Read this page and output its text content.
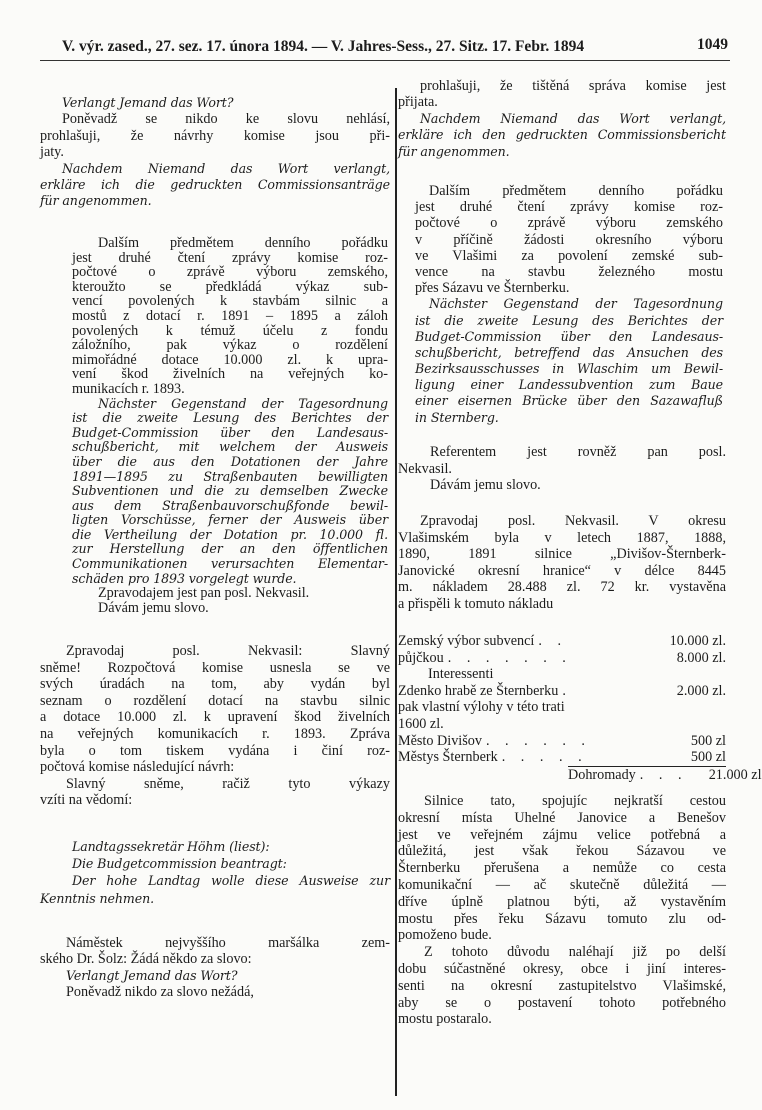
V. výr. zased., 27. sez. 17. února 1894. — V. Jahres-Sess., 27. Sitz. 17. Febr. 1894	1049
Verlangt Jemand das Wort?
Poněvadž se nikdo ke slovu nehlásí,
prohlašuji, že návrhy komise jsou při-
jaty.
Nachdem Niemand das Wort verlangt,
erkläre ich die gedruckten Commissionsanträge
für angenommen.
Dalším předmětem denního pořádku
jest druhé čtení zprávy komise roz-
počtové o zprávě výboru zemského,
kteroužto se předkládá výkaz sub-
vencí povolených k stavbám silnic a
mostů z dotací r. 1891 – 1895 a záloh
povolených k témuž účelu z fondu
záložního, pak výkaz o rozdělení
mimořádné dotace 10.000 zl. k upra-
vení škod živelních na veřejných ko-
munikacích r. 1893.
Nächster Gegenstand der Tagesordnung
ist die zweite Lesung des Berichtes der
Budget-Commission über den Landesaus-
schußbericht, mit welchem der Ausweis
über die aus den Dotationen der Jahre
1891—1895 zu Straßenbauten bewilligten
Subventionen und die zu demselben Zwecke
aus dem Straßenbauvorschußfonde bewil-
ligten Vorschüsse, ferner der Ausweis über
die Vertheilung der Dotation pr. 10.000 fl.
zur Herstellung der an den öffentlichen
Communikationen verursachten Elementar-
schäden pro 1893 vorgelegt wurde.
Zpravodajem jest pan posl. Nekvasil.
Dávám jemu slovo.
Zpravodaj posl. Nekvasil: Slavný
sněme! Rozpočtová komise usnesla se ve
svých úradách na tom, aby vydán byl
seznam o rozdělení dotací na stavbu silnic
a dotace 10.000 zl. k upravení škod živelních
na veřejných komunikacích r. 1893. Zpráva
byla o tom tiskem vydána i činí roz-
počtová komise následující návrh:
Slavný sněme, račiž tyto výkazy
vzíti na vědomí:
Landtagssekretär Höhm (liest):
Die Budgetcommission beantragt:
Der hohe Landtag wolle diese Ausweise zur
Kenntnis nehmen.
Náměstek nejvyššího maršálka zem-
ského Dr. Šolz: Žádá někdo za slovo:
Verlangt Jemand das Wort?
Poněvadž nikdo za slovo nežádá,
Zemský výbor subvencí . .	10.000 zl.
půjčkou . . . . . . .	8.000 zl.
Interessenti
Zdenko hrabě ze Šternberku .	2.000 zl.
pak vlastní výlohy v této trati
1600 zl.
Město Divišov . . . . . .	500 zl
Městys Šternberk . . . . .	500 zl
Dohromady . . .	21.000 zl
prohlašuji, že tištěná správa komise jest
přijata.
Nachdem Niemand das Wort verlangt,
erkläre ich den gedruckten Commissionsbericht
für angenommen.
Dalším předmětem denního pořádku
jest druhé čtení zprávy komise roz-
počtové o zprávě výboru zemského
v příčině žádosti okresního výboru
ve Vlašimi za povolení zemské sub-
vence na stavbu železného mostu
přes Sázavu ve Šternberku.
Nächster Gegenstand der Tagesordnung
ist die zweite Lesung des Berichtes der
Budget-Commission über den Landesaus-
schußbericht, betreffend das Ansuchen des
Bezirksausschusses in Wlaschim um Bewil-
ligung einer Landessubvention zum Baue
einer eisernen Brücke über den Sazawafluß
in Sternberg.
Referentem jest rovněž pan posl.
Nekvasil.
Dávám jemu slovo.
Zpravodaj posl. Nekvasil. V okresu
Vlašimském byla v letech 1887, 1888,
1890, 1891 silnice „Divišov-Šternberk-
Janovické okresní hranice“ v délce 8445
m. nákladem 28.488 zl. 72 kr. vystavěna
a přispěli k tomuto nákladu
Silnice tato, spojujíc nejkratší cestou
okresní místa Uhelné Janovice a Benešov
jest ve veřejném zájmu velice potřebná a
důležitá, jest však řekou Sázavou ve
Šternberku přerušena a nemůže co cesta
komunikační — ač skutečně důležitá —
dříve úplně platnou býti, až vystavěním
mostu přes řeku Sázavu tomuto zlu od-
pomoženo bude.
Z tohoto důvodu naléhají již po delší
dobu súčastněné okresy, obce i jiní interes-
senti na okresní zastupitelstvo Vlašimské,
aby se o postavení tohoto potřebného
mostu postaralo.
